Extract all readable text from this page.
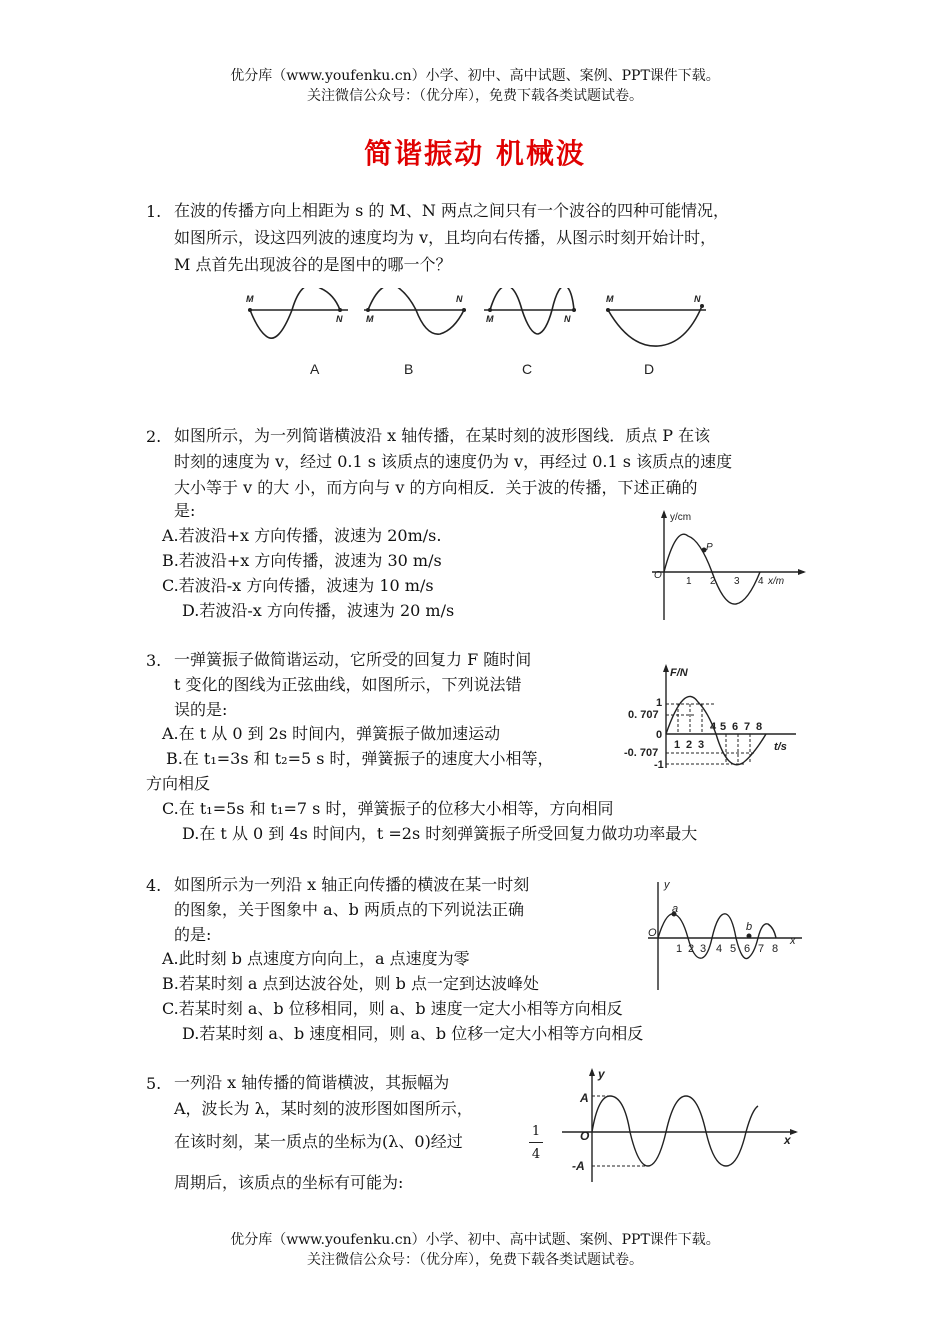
优分库（www.youfenku.cn）小学、初中、高中试题、案例、PPT课件下载。
关注微信公众号：（优分库），免费下载各类试题试卷。
简谐振动 机械波
1. 在波的传播方向上相距为 s 的 M、N 两点之间只有一个波谷的四种可能情况，
如图所示，设这四列波的速度均为 v，且均向右传播，从图示时刻开始计时，
M 点首先出现波谷的是图中的哪一个？
M
N	M
N
M	N
M	N
A	B	C	D
2. 如图所示，为一列简谐横波沿 x 轴传播，在某时刻的波形图线．质点 P 在该
时刻的速度为 v，经过 0.1 s 该质点的速度仍为 v，再经过 0.1 s 该质点的速度
大小等于 v 的大 小，而方向与 v 的方向相反．关于波的传播，下述正确的
是:
A.若波沿+x 方向传播，波速为 20m/s.
B.若波沿+x 方向传播，波速为 30 m/s
C.若波沿-x 方向传播，波速为 10 m/s
D.若波沿-x 方向传播，波速为 20 m/s
y/cm
O
1 2 3 4 x/m
P
3. 一弹簧振子做简谐运动，它所受的回复力 F 随时间
t 变化的图线为正弦曲线，如图所示，下列说法错
误的是:
A.在 t 从 0 到 2s 时间内，弹簧振子做加速运动
B.在 t₁=3s 和 t₂=5 s 时，弹簧振子的速度大小相等，
方向相反
C.在 t₁=5s 和 t₁=7 s 时，弹簧振子的位移大小相等，方向相同
D.在 t 从 0 到 4s 时间内，t =2s 时刻弹簧振子所受回复力做功功率最大
F/N
1
0. 707
0
-0. 707
-1
1 2 3
4 5 6 7 8
t/s
4. 如图所示为一列沿 x 轴正向传播的横波在某一时刻
的图象，关于图象中 a、b 两质点的下列说法正确
的是:
A.此时刻 b 点速度方向向上，a 点速度为零
B.若某时刻 a 点到达波谷处，则 b 点一定到达波峰处
C.若某时刻 a、b 位移相同，则 a、b 速度一定大小相等方向相反
D.若某时刻 a、b 速度相同，则 a、b 位移一定大小相等方向相反
y
O
a
b
1 2 3 4 5 6 7 8
x
5. 一列沿 x 轴传播的简谐横波，其振幅为
A，波长为 λ，某时刻的波形图如图所示，
在该时刻，某一质点的坐标为(λ、0)经过
1
4
周期后，该质点的坐标有可能为:
y
A
O
-A
x
优分库（www.youfenku.cn）小学、初中、高中试题、案例、PPT课件下载。
关注微信公众号：（优分库），免费下载各类试题试卷。
